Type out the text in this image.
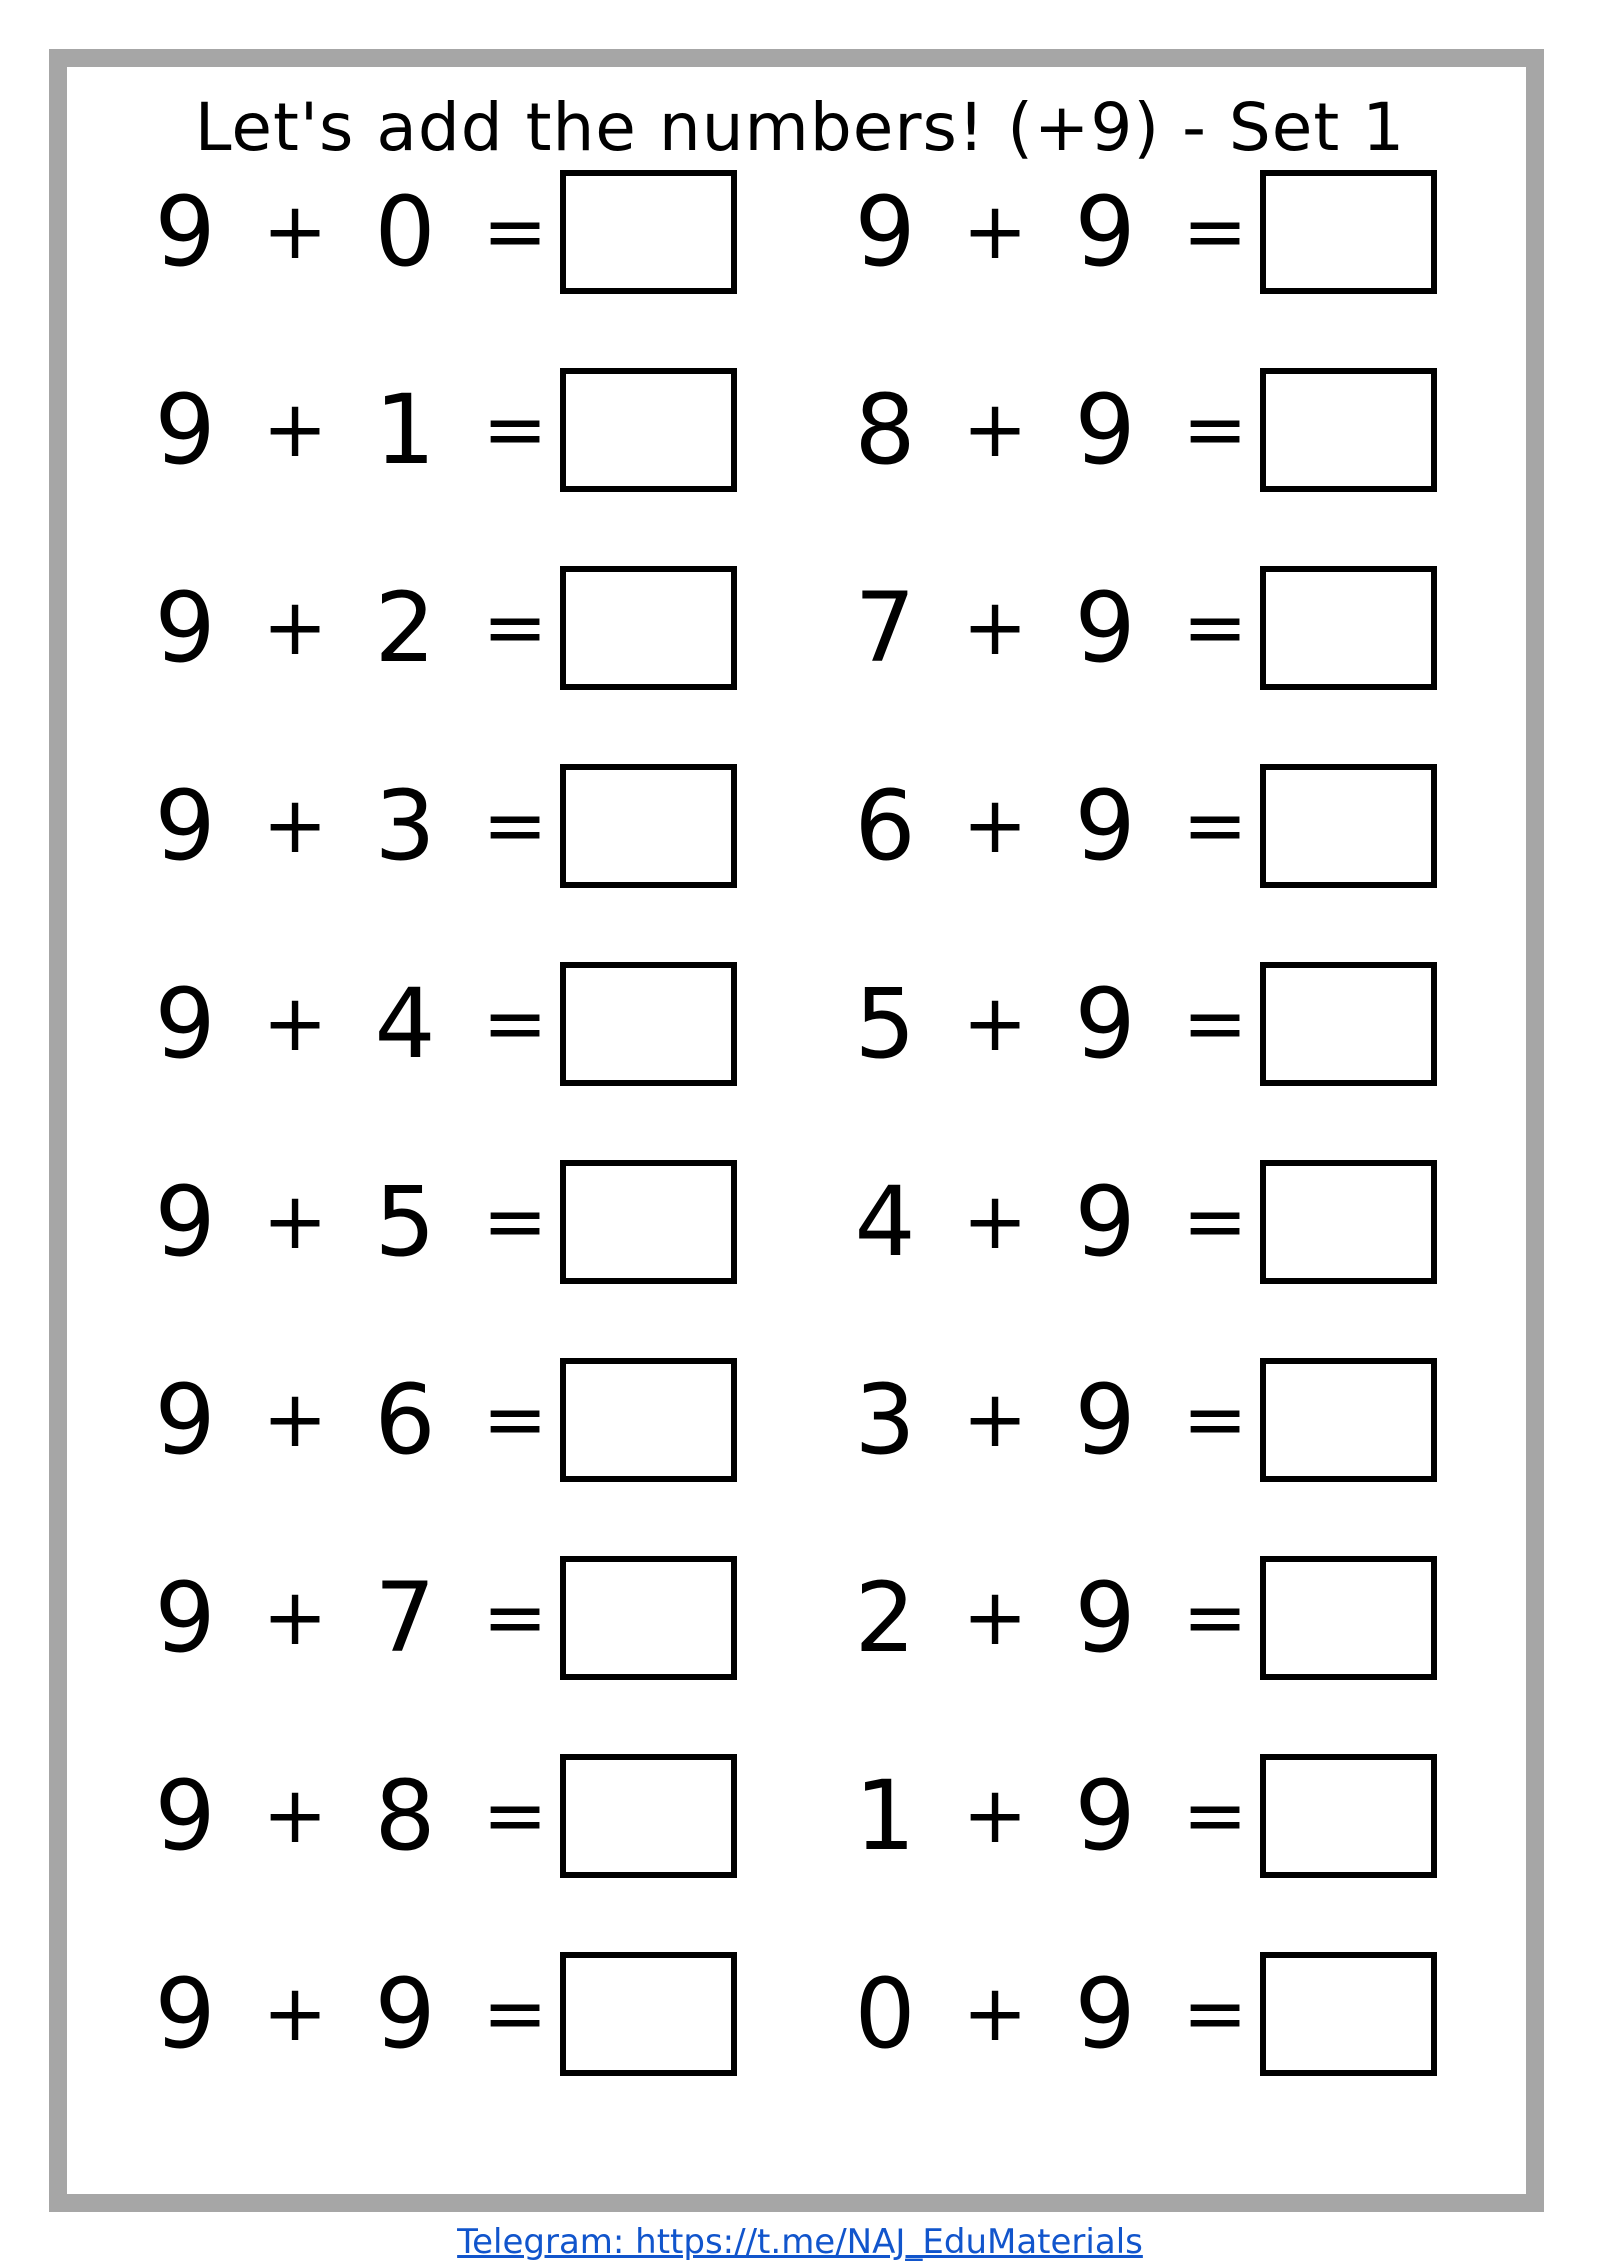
Let's add the numbers! (+9) - Set 1
9 + 0 =
9 + 1 =
9 + 2 =
9 + 3 =
9 + 4 =
9 + 5 =
9 + 6 =
9 + 7 =
9 + 8 =
9 + 9 =
9 + 9 =
8 + 9 =
7 + 9 =
6 + 9 =
5 + 9 =
4 + 9 =
3 + 9 =
2 + 9 =
1 + 9 =
0 + 9 =
Telegram: https://t.me/NAJ_EduMaterials
